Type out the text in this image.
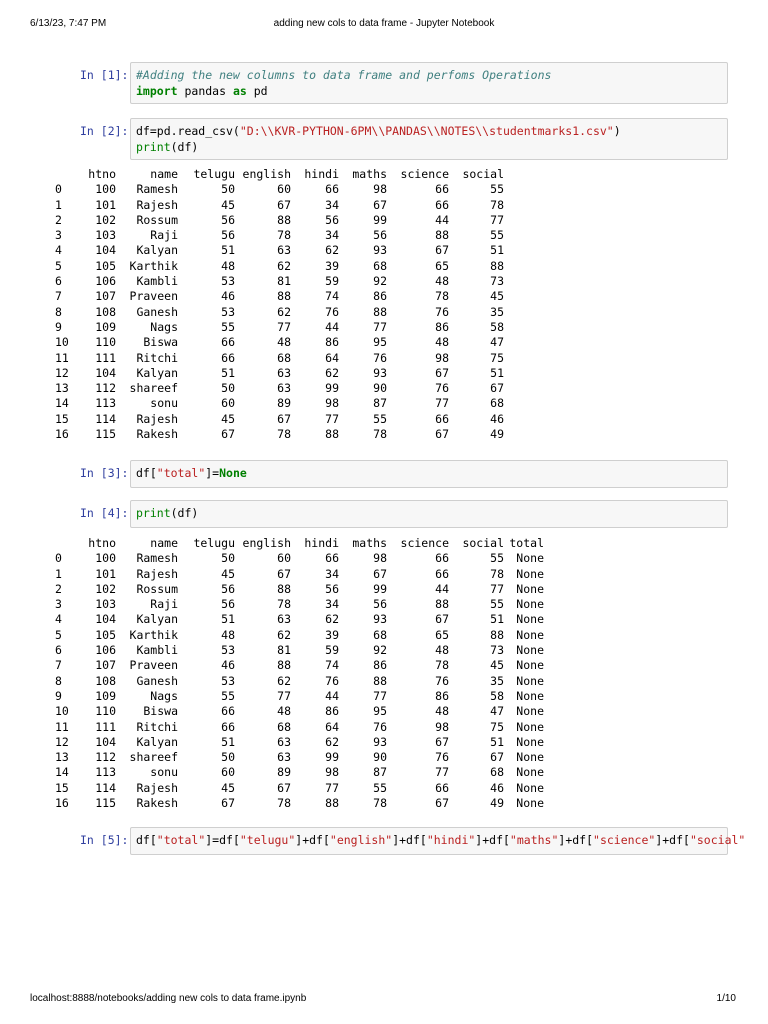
6/13/23, 7:47 PM	adding new cols to data frame - Jupyter Notebook
In [1]: #Adding the new columns to data frame and perfoms Operations
import pandas as pd
In [2]: df=pd.read_csv("D:\\KVR-PYTHON-6PM\\PANDAS\\NOTES\\studentmarks1.csv")
print(df)
	htno	name	telugu	english	hindi	maths	science	social
0	100	Ramesh	50	60	66	98	66	55
1	101	Rajesh	45	67	34	67	66	78
2	102	Rossum	56	88	56	99	44	77
3	103	Raji	56	78	34	56	88	55
4	104	Kalyan	51	63	62	93	67	51
5	105	Karthik	48	62	39	68	65	88
6	106	Kambli	53	81	59	92	48	73
7	107	Praveen	46	88	74	86	78	45
8	108	Ganesh	53	62	76	88	76	35
9	109	Nags	55	77	44	77	86	58
10	110	Biswa	66	48	86	95	48	47
11	111	Ritchi	66	68	64	76	98	75
12	104	Kalyan	51	63	62	93	67	51
13	112	shareef	50	63	99	90	76	67
14	113	sonu	60	89	98	87	77	68
15	114	Rajesh	45	67	77	55	66	46
16	115	Rakesh	67	78	88	78	67	49
In [3]: df["total"]=None
In [4]: print(df)
	htno	name	telugu	english	hindi	maths	science	social	total
0	100	Ramesh	50	60	66	98	66	55	None
1	101	Rajesh	45	67	34	67	66	78	None
2	102	Rossum	56	88	56	99	44	77	None
3	103	Raji	56	78	34	56	88	55	None
4	104	Kalyan	51	63	62	93	67	51	None
5	105	Karthik	48	62	39	68	65	88	None
6	106	Kambli	53	81	59	92	48	73	None
7	107	Praveen	46	88	74	86	78	45	None
8	108	Ganesh	53	62	76	88	76	35	None
9	109	Nags	55	77	44	77	86	58	None
10	110	Biswa	66	48	86	95	48	47	None
11	111	Ritchi	66	68	64	76	98	75	None
12	104	Kalyan	51	63	62	93	67	51	None
13	112	shareef	50	63	99	90	76	67	None
14	113	sonu	60	89	98	87	77	68	None
15	114	Rajesh	45	67	77	55	66	46	None
16	115	Rakesh	67	78	88	78	67	49	None
In [5]: df["total"]=df["telugu"]+df["english"]+df["hindi"]+df["maths"]+df["science"]+df["social"
localhost:8888/notebooks/adding new cols to data frame.ipynb	1/10
